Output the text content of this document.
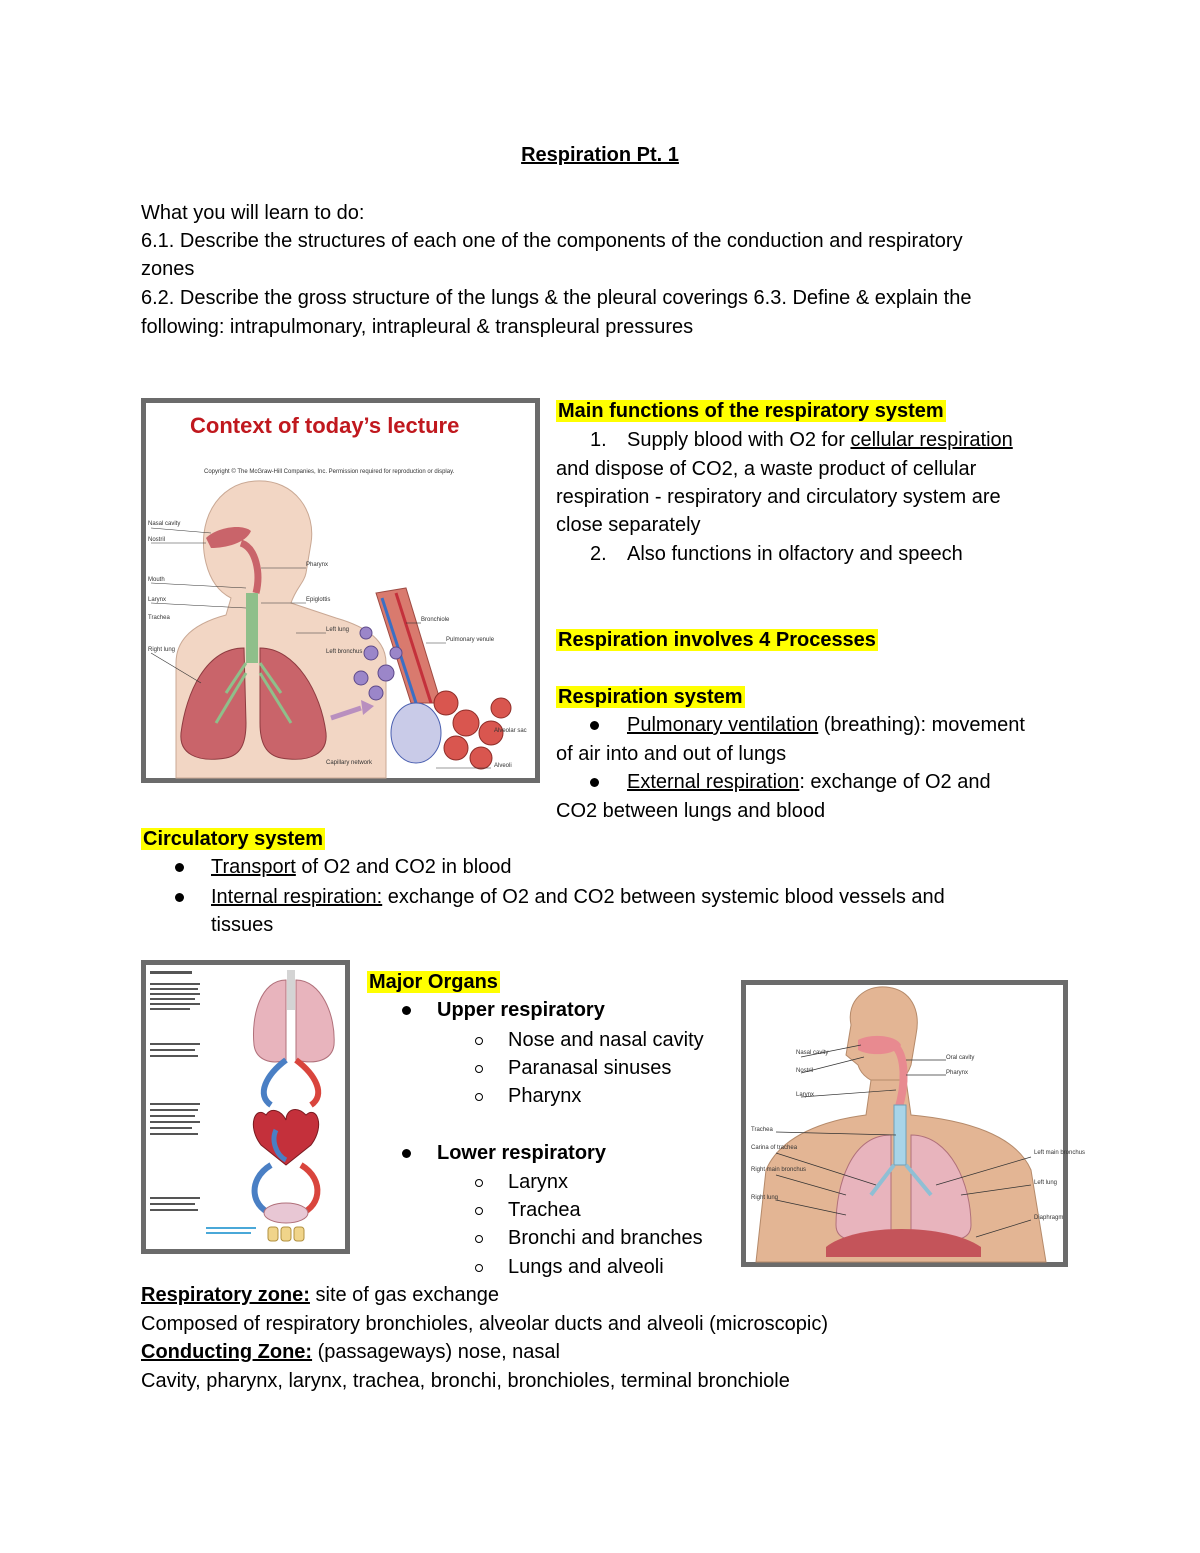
Respiration Pt. 1
What you will learn to do:
6.1. Describe the structures of each one of the components of the conduction and respiratory
zones
6.2. Describe the gross structure of the lungs & the pleural coverings 6.3. Define & explain the
following: intrapulmonary, intrapleural & transpleural pressures
Context of today’s lecture
Copyright © The McGraw-Hill Companies, Inc. Permission required for reproduction or display.
Nasal cavity
Nostril
Mouth
Larynx
Trachea
Right lung
Pharynx
Epiglottis
Left lung
Left bronchus
Bronchiole
Pulmonary venule
Alveolar sac
Capillary network	Alveoli
Main functions of the respiratory system
1. Supply blood with O2 for cellular respiration
and dispose of CO2, a waste product of cellular
respiration - respiratory and circulatory system are
close separately
2. Also functions in olfactory and speech
Respiration involves 4 Processes
Respiration system
Pulmonary ventilation (breathing): movement
of air into and out of lungs
External respiration: exchange of O2 and
CO2 between lungs and blood
Circulatory system
Transport of O2 and CO2 in blood
Internal respiration: exchange of O2 and CO2 between systemic blood vessels and
tissues
Major Organs
Upper respiratory
Nose and nasal cavity
Paranasal sinuses
Pharynx
Lower respiratory
Larynx
Trachea
Bronchi and branches
Lungs and alveoli
Nasal cavity
Nostril
Larynx
Trachea
Carina of trachea
Right main bronchus
Right lung
Oral cavity
Pharynx
Left main bronchus
Left lung
Diaphragm
Respiratory zone: site of gas exchange
Composed of respiratory bronchioles, alveolar ducts and alveoli (microscopic)
Conducting Zone: (passageways) nose, nasal
Cavity, pharynx, larynx, trachea, bronchi, bronchioles, terminal bronchiole
